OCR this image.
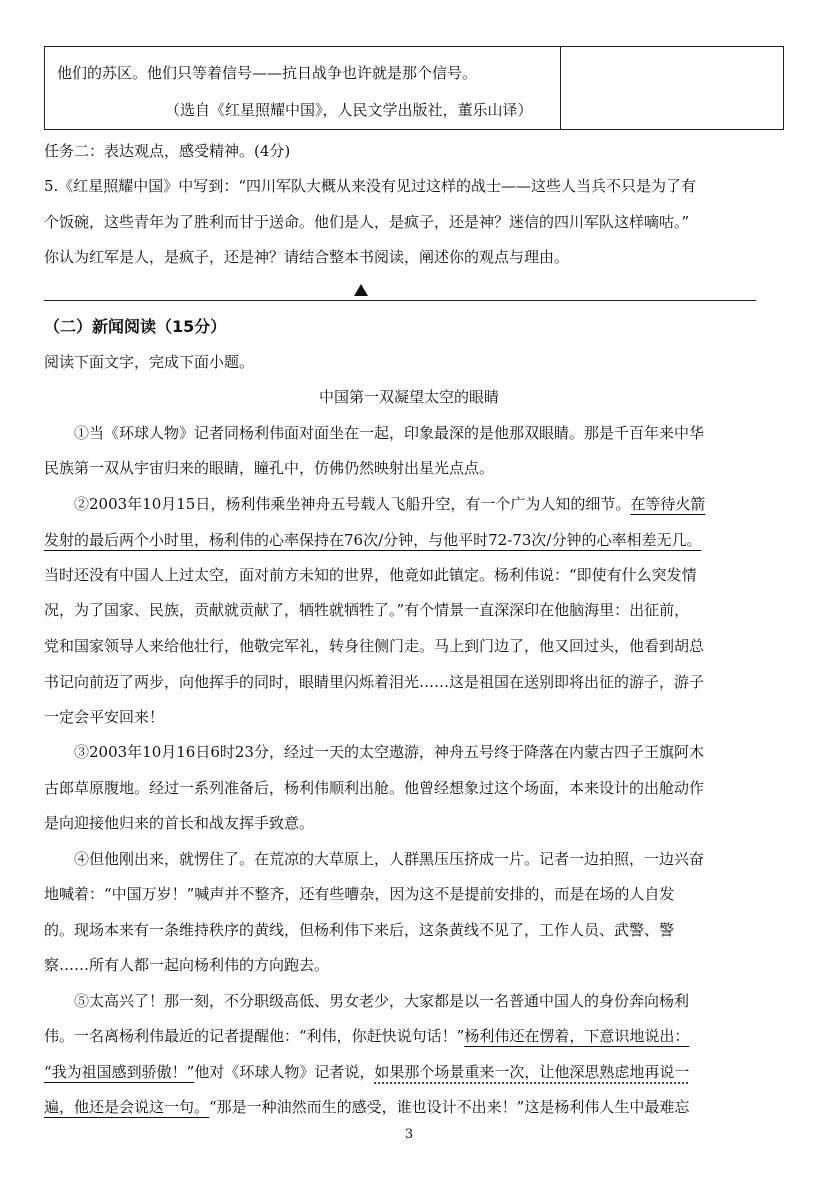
他们的苏区。他们只等着信号——抗日战争也许就是那个信号。
（选自《红星照耀中国》，人民文学出版社，董乐山译）
任务二：表达观点，感受精神。(4分)
5.《红星照耀中国》中写到：“四川军队大概从来没有见过这样的战士——这些人当兵不只是为了有
个饭碗，这些青年为了胜利而甘于送命。他们是人，是疯子，还是神？迷信的四川军队这样嘀咕。”
你认为红军是人，是疯子，还是神？请结合整本书阅读，阐述你的观点与理由。
（二）新闻阅读（15分）
阅读下面文字，完成下面小题。
中国第一双凝望太空的眼睛
①当《环球人物》记者同杨利伟面对面坐在一起，印象最深的是他那双眼睛。那是千百年来中华
民族第一双从宇宙归来的眼睛，瞳孔中，仿佛仍然映射出星光点点。
②2003年10月15日，杨利伟乘坐神舟五号载人飞船升空，有一个广为人知的细节。在等待火箭
发射的最后两个小时里，杨利伟的心率保持在76次/分钟，与他平时72-73次/分钟的心率相差无几。
当时还没有中国人上过太空，面对前方未知的世界，他竟如此镇定。杨利伟说：“即使有什么突发情
况，为了国家、民族，贡献就贡献了，牺牲就牺牲了。”有个情景一直深深印在他脑海里：出征前，
党和国家领导人来给他壮行，他敬完军礼，转身往侧门走。马上到门边了，他又回过头，他看到胡总
书记向前迈了两步，向他挥手的同时，眼睛里闪烁着泪光……这是祖国在送别即将出征的游子，游子
一定会平安回来！
③2003年10月16日6时23分，经过一天的太空遨游，神舟五号终于降落在内蒙古四子王旗阿木
古郎草原腹地。经过一系列准备后，杨利伟顺利出舱。他曾经想象过这个场面，本来设计的出舱动作
是向迎接他归来的首长和战友挥手致意。
④但他刚出来，就愣住了。在荒凉的大草原上，人群黑压压挤成一片。记者一边拍照，一边兴奋
地喊着：“中国万岁！”喊声并不整齐，还有些嘈杂，因为这不是提前安排的，而是在场的人自发
的。现场本来有一条维持秩序的黄线，但杨利伟下来后，这条黄线不见了，工作人员、武警、警
察……所有人都一起向杨利伟的方向跑去。
⑤太高兴了！那一刻，不分职级高低、男女老少，大家都是以一名普通中国人的身份奔向杨利
伟。一名离杨利伟最近的记者提醒他：“利伟，你赶快说句话！”杨利伟还在愣着，下意识地说出：
“我为祖国感到骄傲！”他对《环球人物》记者说，如果那个场景重来一次，让他深思熟虑地再说一
遍，他还是会说这一句。“那是一种油然而生的感受，谁也设计不出来！”这是杨利伟人生中最难忘
3
